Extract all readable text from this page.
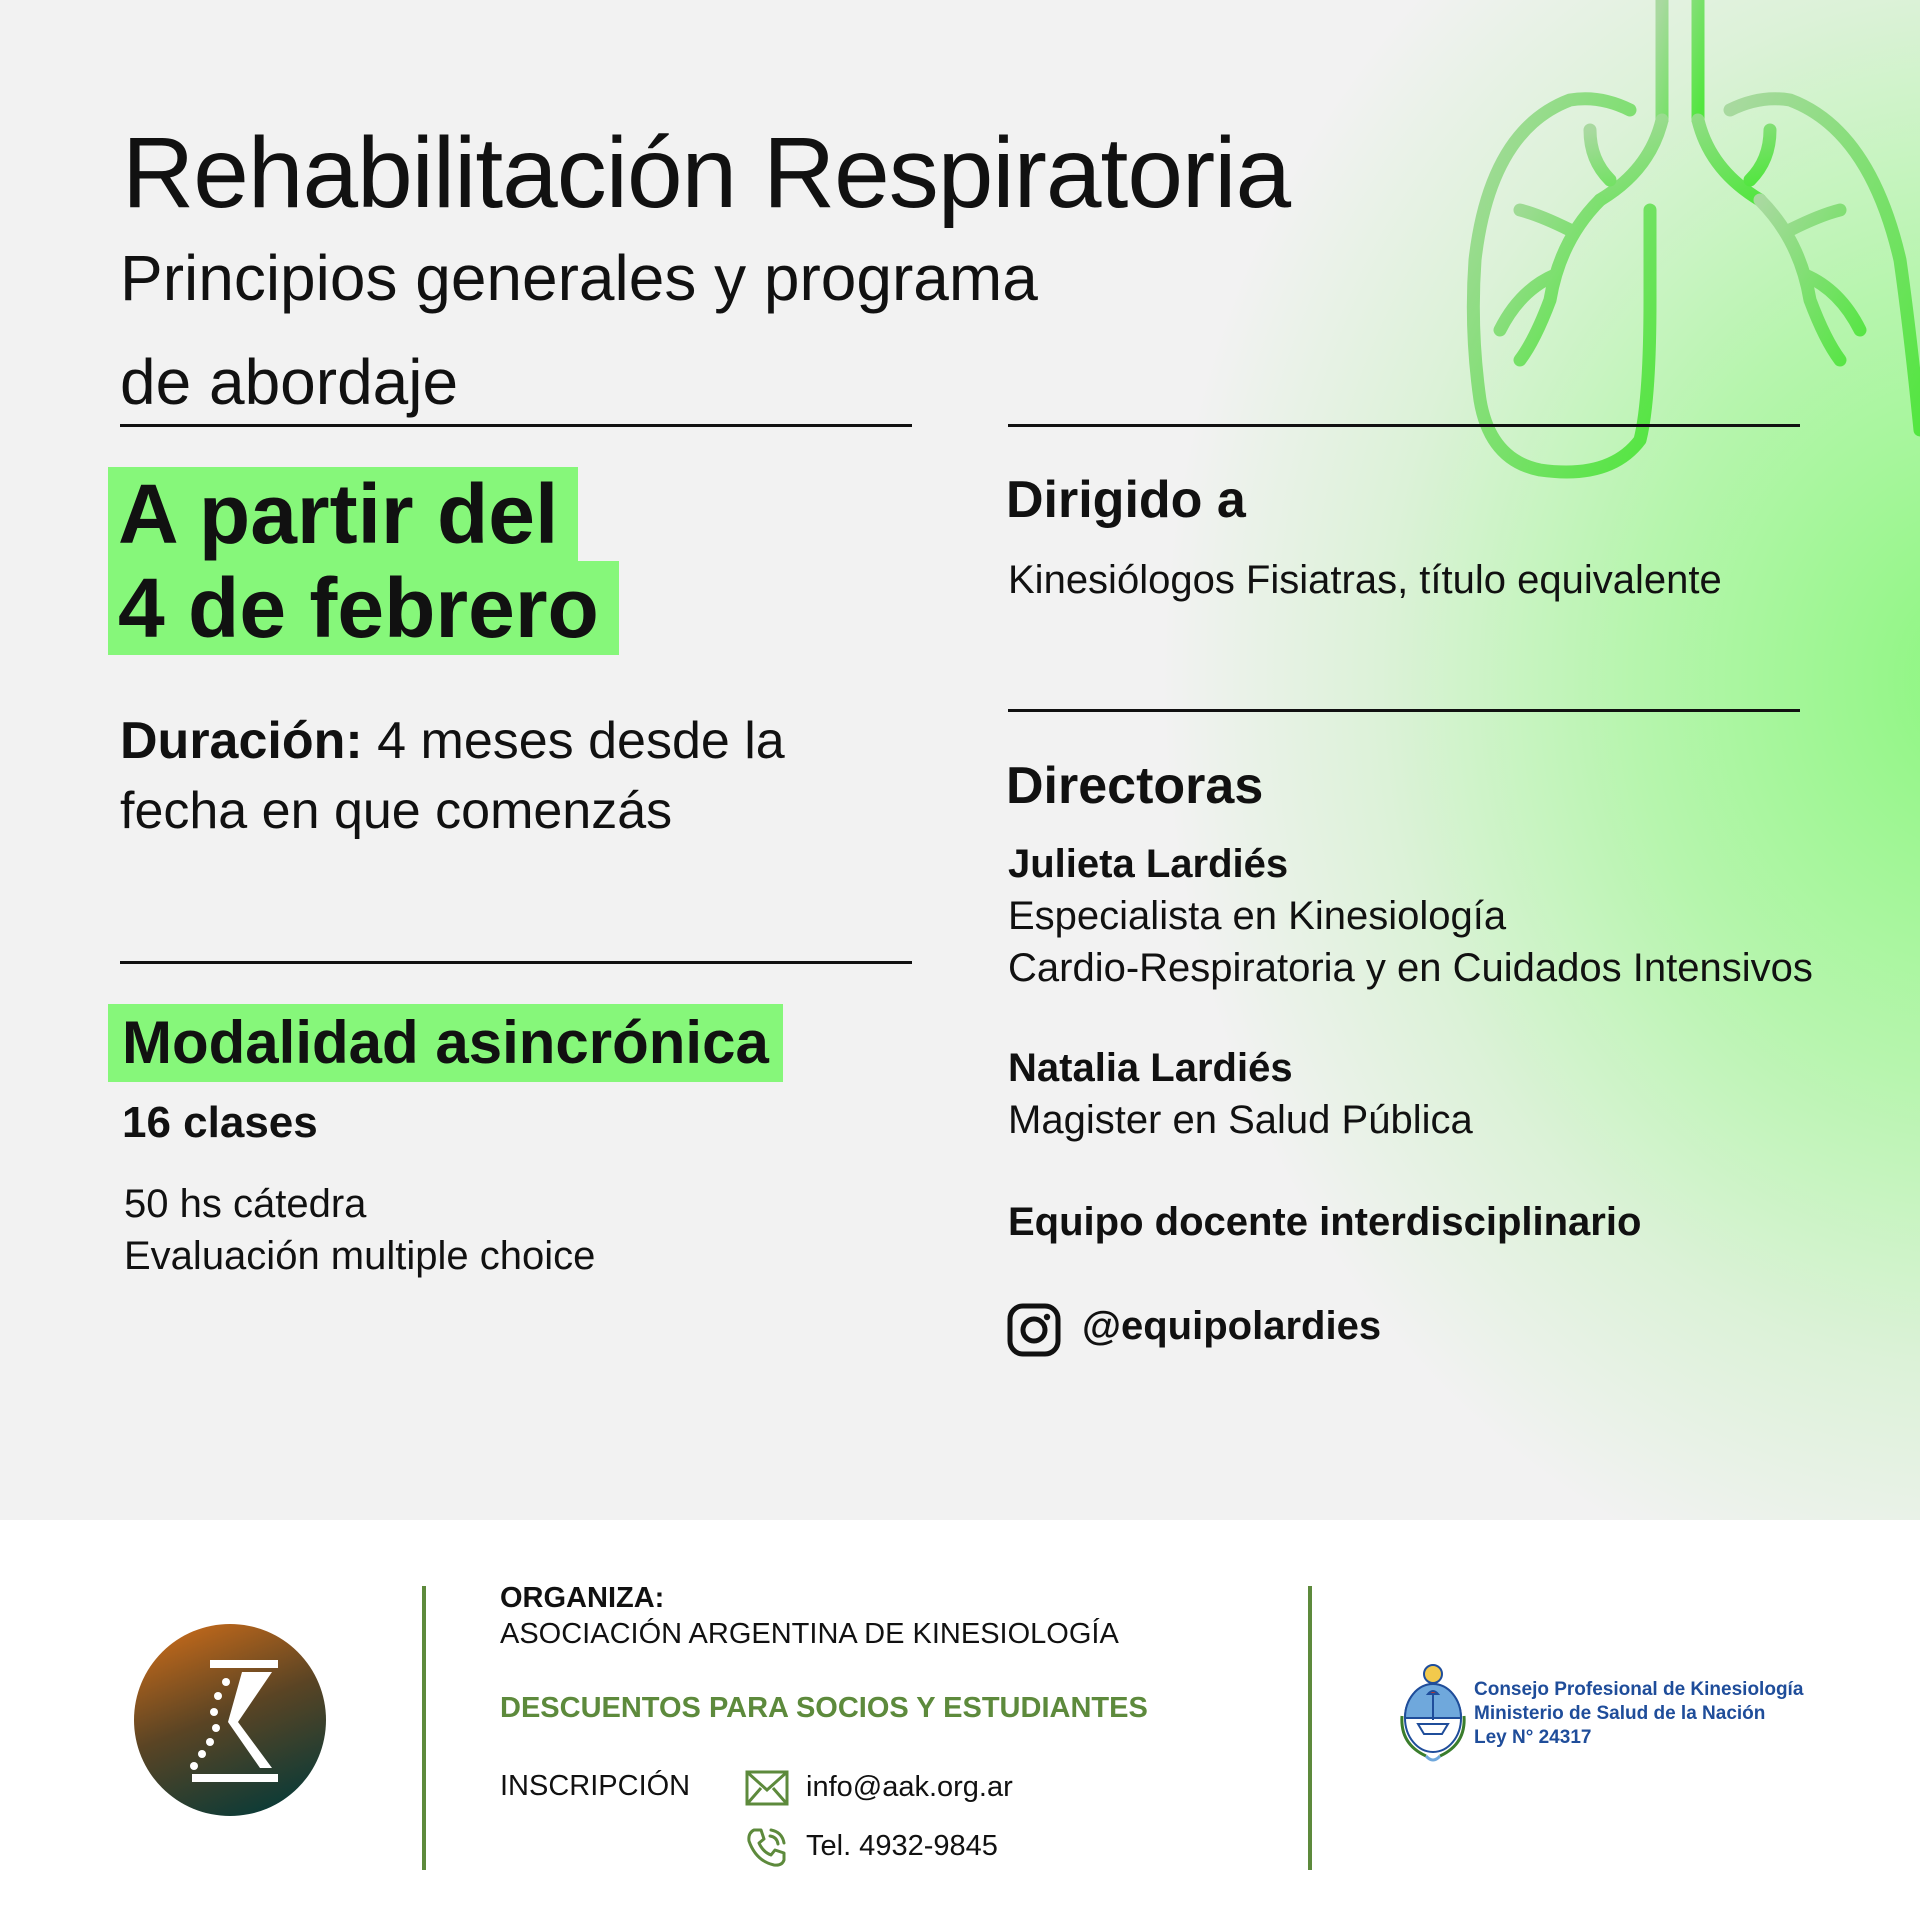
Rehabilitación Respiratoria
Principios generales y programa
de abordaje
A partir del
4 de febrero
Duración: 4 meses desde la fecha en que comenzás
Modalidad asincrónica
16 clases
50 hs cátedra
Evaluación multiple choice
Dirigido a
Kinesiólogos Fisiatras, título equivalente
Directoras
Julieta Lardiés
Especialista en Kinesiología
Cardio-Respiratoria y en Cuidados Intensivos
Natalia Lardiés
Magister en Salud Pública
Equipo docente interdisciplinario
@equipolardies
ORGANIZA:
ASOCIACIÓN ARGENTINA DE KINESIOLOGÍA
DESCUENTOS PARA SOCIOS Y ESTUDIANTES
INSCRIPCIÓN	info@aak.org.ar
Tel. 4932-9845
Consejo Profesional de Kinesiología
Ministerio de Salud de la Nación
Ley N° 24317
